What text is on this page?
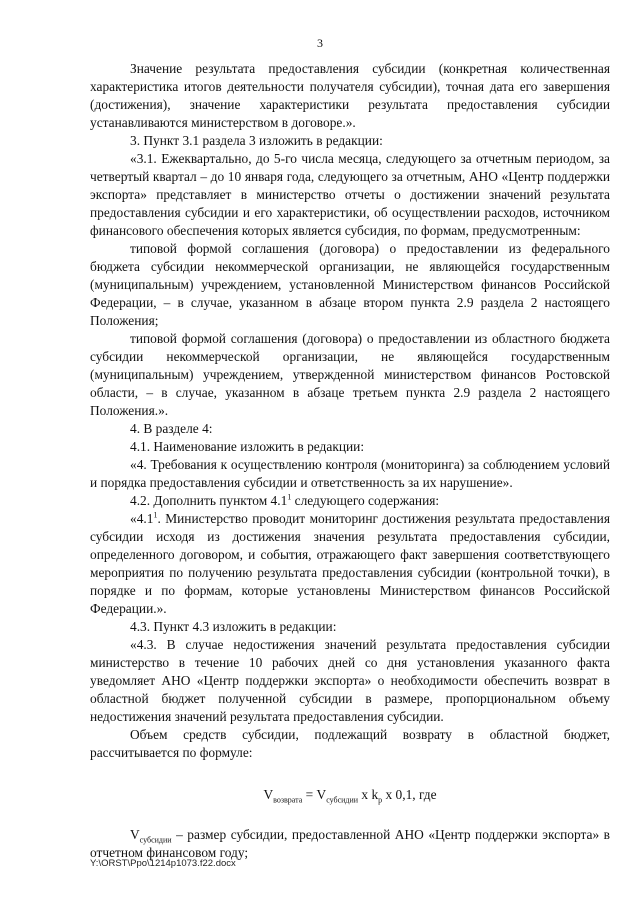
3

Значение результата предоставления субсидии (конкретная количественная характеристика итогов деятельности получателя субсидии), точная дата его завершения (достижения), значение характеристики результата предоставления субсидии устанавливаются министерством в договоре.».

3. Пункт 3.1 раздела 3 изложить в редакции:

«3.1. Ежеквартально, до 5-го числа месяца, следующего за отчетным периодом, за четвертый квартал – до 10 января года, следующего за отчетным, АНО «Центр поддержки экспорта» представляет в министерство отчеты о достижении значений результата предоставления субсидии и его характеристики, об осуществлении расходов, источником финансового обеспечения которых является субсидия, по формам, предусмотренным:

типовой формой соглашения (договора) о предоставлении из федерального бюджета субсидии некоммерческой организации, не являющейся государственным (муниципальным) учреждением, установленной Министерством финансов Российской Федерации, – в случае, указанном в абзаце втором пункта 2.9 раздела 2 настоящего Положения;

типовой формой соглашения (договора) о предоставлении из областного бюджета субсидии некоммерческой организации, не являющейся государственным (муниципальным) учреждением, утвержденной министерством финансов Ростовской области, – в случае, указанном в абзаце третьем пункта 2.9 раздела 2 настоящего Положения.».

4. В разделе 4:

4.1. Наименование изложить в редакции:

«4. Требования к осуществлению контроля (мониторинга) за соблюдением условий и порядка предоставления субсидии и ответственность за их нарушение».

4.2. Дополнить пунктом $4.1^1$ следующего содержания:

«$4.1^1$. Министерство проводит мониторинг достижения результата предоставления субсидии исходя из достижения значения результата предоставления субсидии, определенного договором, и события, отражающего факт завершения соответствующего мероприятия по получению результата предоставления субсидии (контрольной точки), в порядке и по формам, которые установлены Министерством финансов Российской Федерации.».

4.3. Пункт 4.3 изложить в редакции:

«4.3. В случае недостижения значений результата предоставления субсидии министерство в течение 10 рабочих дней со дня установления указанного факта уведомляет АНО «Центр поддержки экспорта» о необходимости обеспечить возврат в областной бюджет полученной субсидии в размере, пропорциональном объему недостижения значений результата предоставления субсидии.

Объем средств субсидии, подлежащий возврату в областной бюджет, рассчитывается по формуле:

$V_{возврата} = V_{субсидии}$ x $k_p$ x 0,1, где

$V_{субсидии}$ – размер субсидии, предоставленной АНО «Центр поддержки экспорта» в отчетном финансовом году;

Y:\ORST\Ppo\1214p1073.f22.docx
